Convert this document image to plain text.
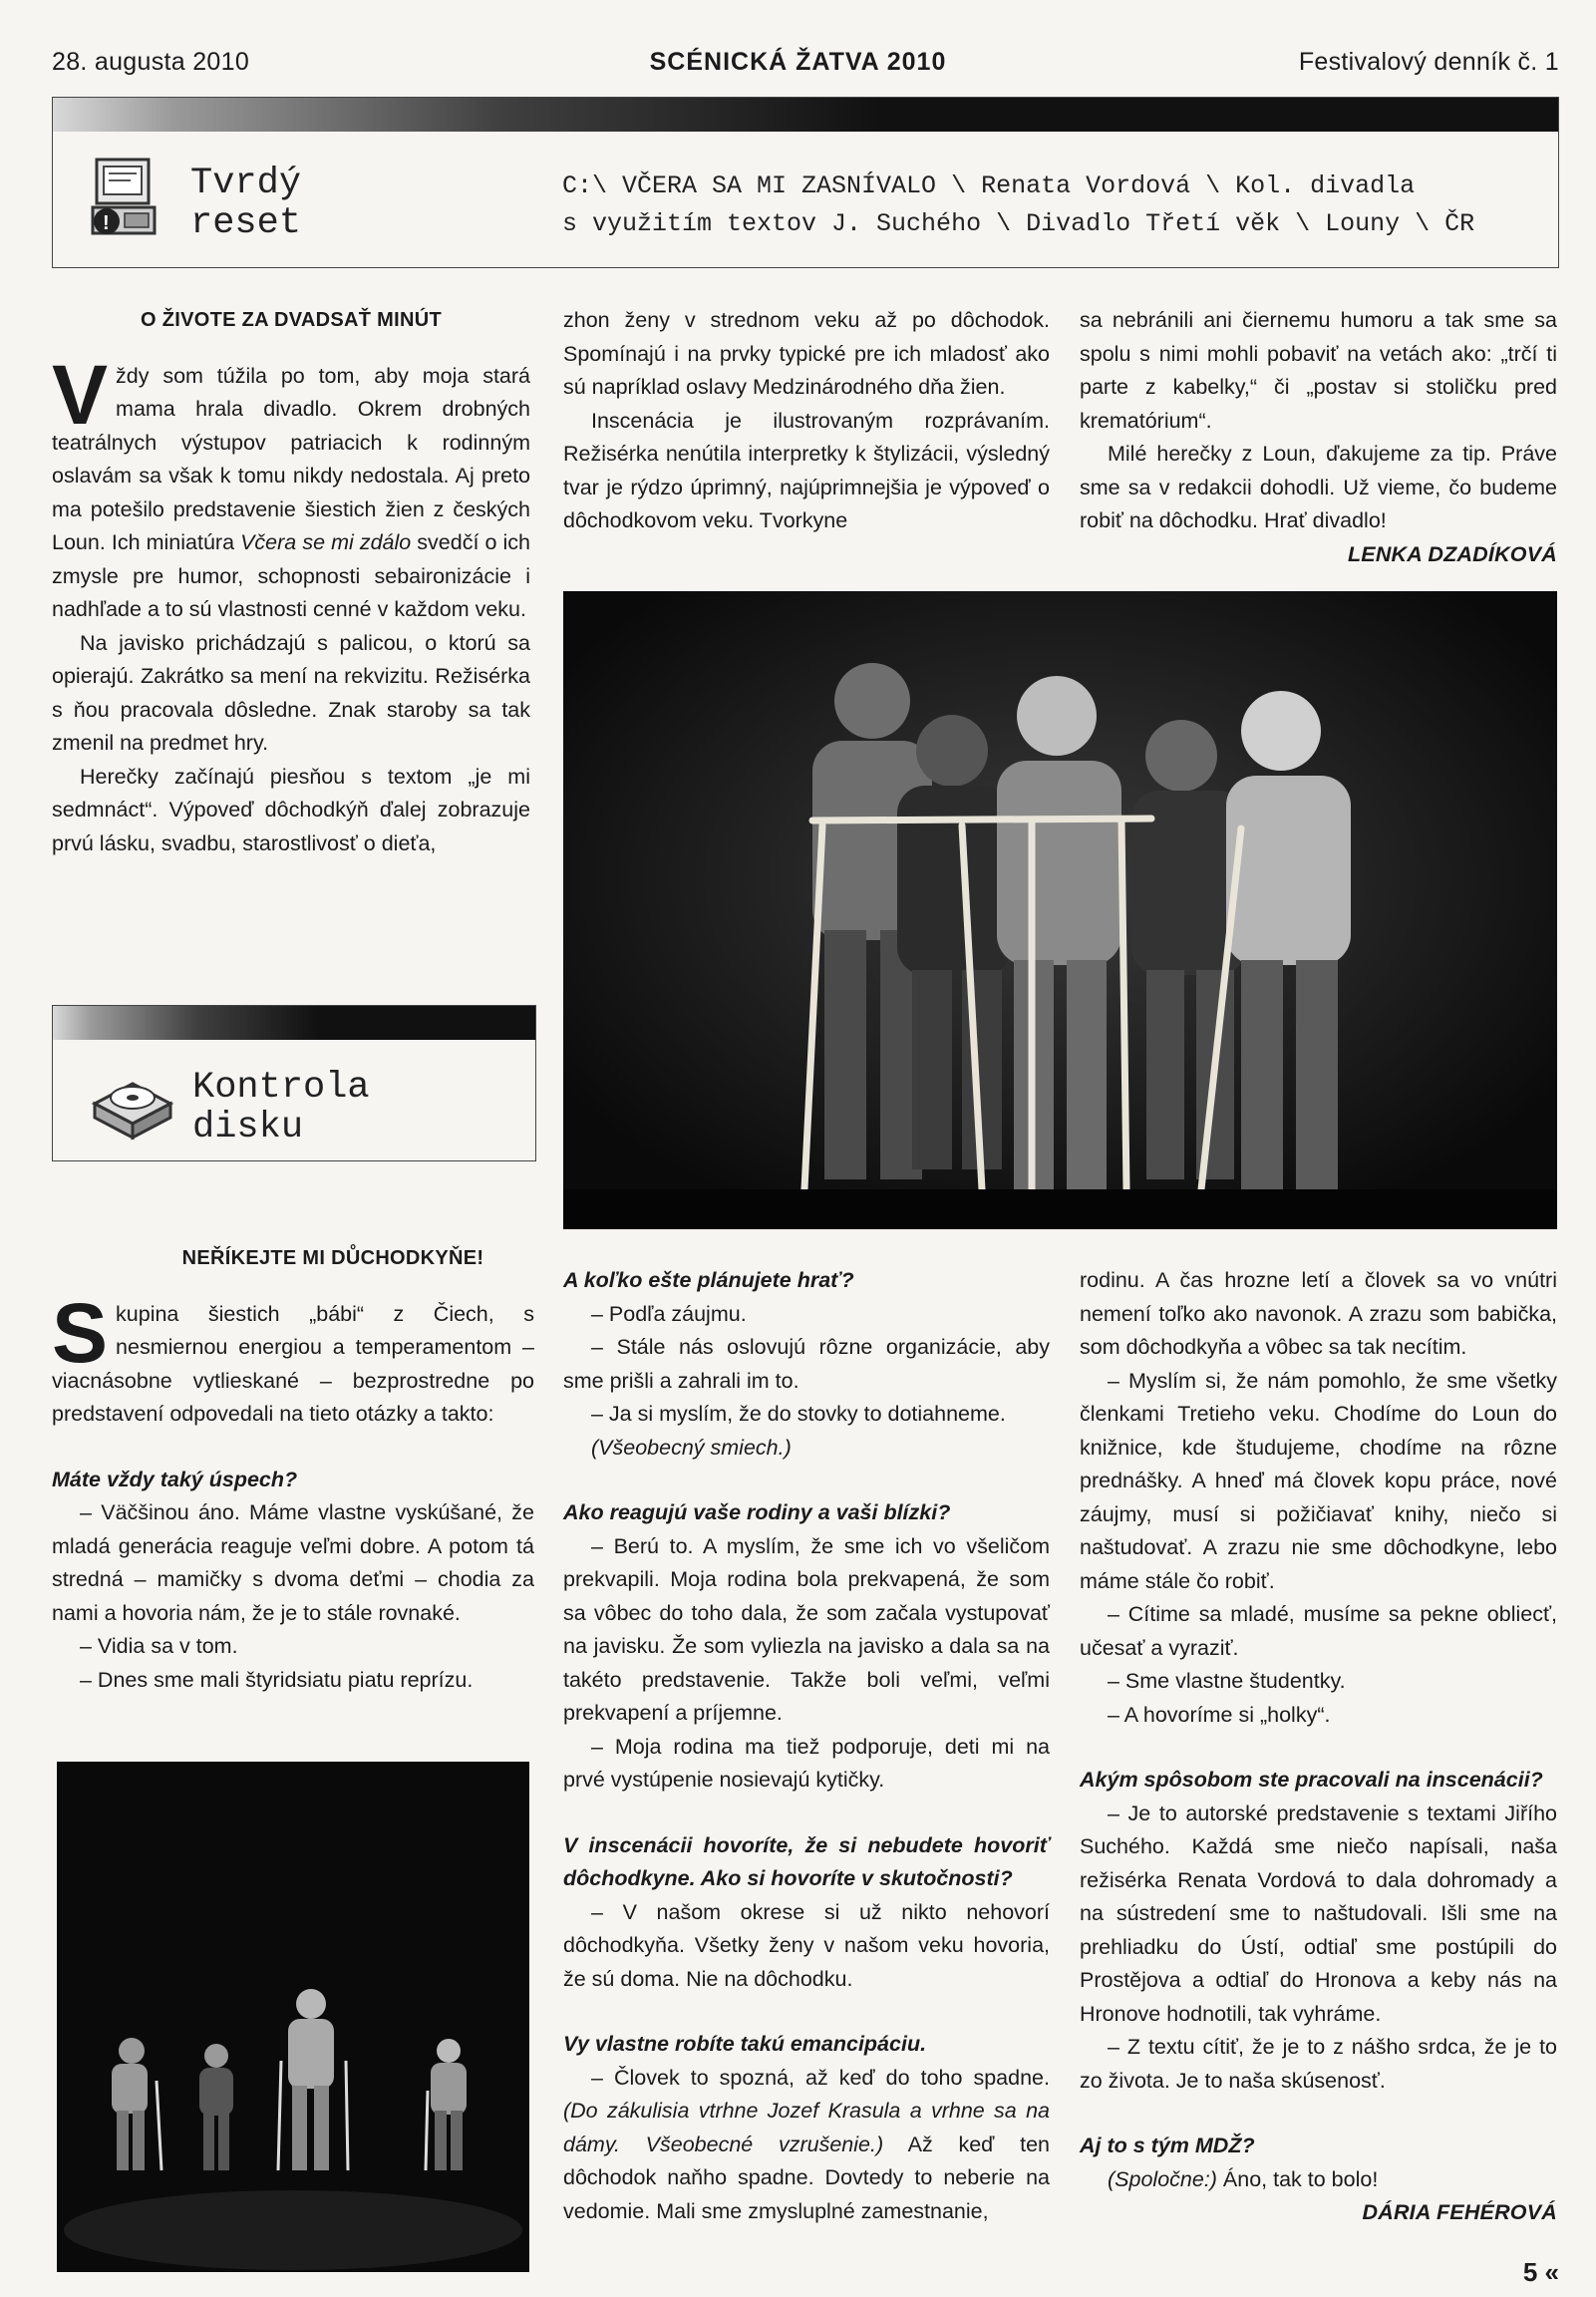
28. augusta 2010	SCÉNICKÁ ŽATVA 2010	Festivalový denník č. 1
!
Tvrdý
reset
C:\ VČERA SA MI ZASNÍVALO \ Renata Vordová \ Kol. divadla
s využitím textov J. Suchého \ Divadlo Třetí věk \ Louny \ ČR
O ŽIVOTE ZA DVADSAŤ MINÚT

Vždy som túžila po tom, aby moja stará mama hrala divadlo. Okrem drobných teatrálnych výstupov patriacich k rodinným oslavám sa však k tomu nikdy nedostala. Aj preto ma potešilo predstavenie šiestich žien z českých Loun. Ich miniatúra Včera se mi zdálo svedčí o ich zmysle pre humor, schopnosti sebaironizácie i nadhľade a to sú vlastnosti cenné v každom veku.

Na javisko prichádzajú s palicou, o ktorú sa opierajú. Zakrátko sa mení na rekvizitu. Režisérka s ňou pracovala dôsledne. Znak staroby sa tak zmenil na predmet hry.

Herečky začínajú piesňou s textom „je mi sedmnáct“. Výpoveď dôchodkýň ďalej zobrazuje prvú lásku, svadbu, starostlivosť o dieťa,

zhon ženy v strednom veku až po dôchodok. Spomínajú i na prvky typické pre ich mladosť ako sú napríklad oslavy Medzinárodného dňa žien.

Inscenácia je ilustrovaným rozprávaním. Režisérka nenútila interpretky k štylizácii, výsledný tvar je rýdzo úprimný, najúprimnejšia je výpoveď o dôchodkovom veku. Tvorkyne

sa nebránili ani čiernemu humoru a tak sme sa spolu s nimi mohli pobaviť na vetách ako: „trčí ti parte z kabelky,“ či „postav si stoličku pred krematórium“.

Milé herečky z Loun, ďakujeme za tip. Práve sme sa v redakcii dohodli. Už vieme, čo budeme robiť na dôchodku. Hrať divadlo!

LENKA DZADÍKOVÁ
Kontrola
disku
NEŘÍKEJTE MI DŮCHODKYŇE!

Skupina šiestich „bábi“ z Čiech, s nesmiernou energiou a temperamentom – viacnásobne vytlieskané – bezprostredne po predstavení odpovedali na tieto otázky a takto:

Máte vždy taký úspech?

– Väčšinou áno. Máme vlastne vyskúšané, že mladá generácia reaguje veľmi dobre. A potom tá stredná – mamičky s dvoma deťmi – chodia za nami a hovoria nám, že je to stále rovnaké.

– Vidia sa v tom.

– Dnes sme mali štyridsiatu piatu reprízu.

A koľko ešte plánujete hrať?

– Podľa záujmu.

– Stále nás oslovujú rôzne organizácie, aby sme prišli a zahrali im to.

– Ja si myslím, že do stovky to dotiahneme.

(Všeobecný smiech.)

Ako reagujú vaše rodiny a vaši blízki?

– Berú to. A myslím, že sme ich vo všeličom prekvapili. Moja rodina bola prekvapená, že som sa vôbec do toho dala, že som začala vystupovať na javisku. Že som vyliezla na javisko a dala sa na takéto predstavenie. Takže boli veľmi, veľmi prekvapení a príjemne.

– Moja rodina ma tiež podporuje, deti mi na prvé vystúpenie nosievajú kytičky.

V inscenácii hovoríte, že si nebudete hovoriť dôchodkyne. Ako si hovoríte v skutočnosti?

– V našom okrese si už nikto nehovorí dôchodkyňa. Všetky ženy v našom veku hovoria, že sú doma. Nie na dôchodku.

Vy vlastne robíte takú emancipáciu.

– Človek to spozná, až keď do toho spadne. (Do zákulisia vtrhne Jozef Krasula a vrhne sa na dámy. Všeobecné vzrušenie.) Až keď ten dôchodok naňho spadne. Dovtedy to neberie na vedomie. Mali sme zmysluplné zamestnanie,

rodinu. A čas hrozne letí a človek sa vo vnútri nemení toľko ako navonok. A zrazu som babička, som dôchodkyňa a vôbec sa tak necítim.

– Myslím si, že nám pomohlo, že sme všetky členkami Tretieho veku. Chodíme do Loun do knižnice, kde študujeme, chodíme na rôzne prednášky. A hneď má človek kopu práce, nové záujmy, musí si požičiavať knihy, niečo si naštudovať. A zrazu nie sme dôchodkyne, lebo máme stále čo robiť.

– Cítime sa mladé, musíme sa pekne obliecť, učesať a vyraziť.

– Sme vlastne študentky.

– A hovoríme si „holky“.

Akým spôsobom ste pracovali na inscenácii?

– Je to autorské predstavenie s textami Jiřího Suchého. Každá sme niečo napísali, naša režisérka Renata Vordová to dala dohromady a na sústredení sme to naštudovali. Išli sme na prehliadku do Ústí, odtiaľ sme postúpili do Prostějova a odtiaľ do Hronova a keby nás na Hronove hodnotili, tak vyhráme.

– Z textu cítiť, že je to z nášho srdca, že je to zo života. Je to naša skúsenosť.

Aj to s tým MDŽ?

(Spoločne:) Áno, tak to bolo!

DÁRIA FEHÉROVÁ
5 «
